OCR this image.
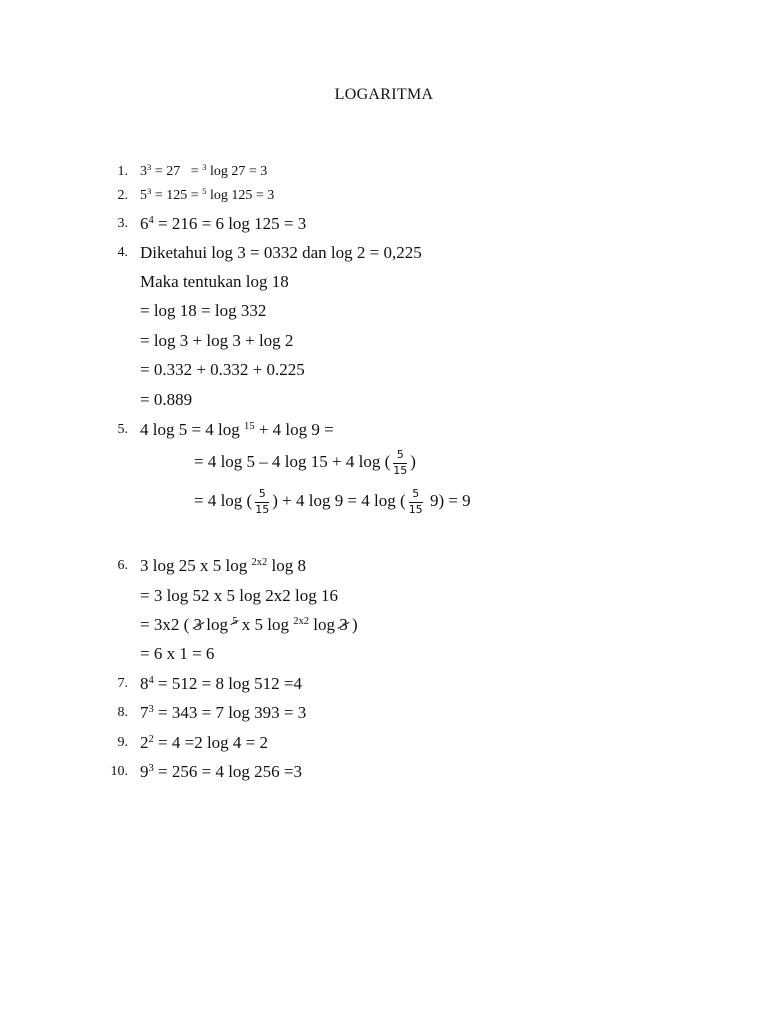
LOGARITMA
1. $3^3 = 27 = ^3$ log 27 = 3
2. $5^3 = 125 = ^5$ log 125 = 3
3. $6^4 = 216 = 6$ log 125 = 3
4. Diketahui log 3 = 0332 dan log 2 = 0,225
Maka tentukan log 18
= log 18 = log 332
= log 3 + log 3 + log 2
= 0.332 + 0.332 + 0.225
= 0.889
5. 4 log 5 = 4 log $^{15}$ + 4 log 9 =
= 4 log 5 – 4 log 15 + 4 log ( $\frac{5}{15}$ )
= 4 log ( $\frac{5}{15}$ ) + 4 log 9 = 4 log ( $\frac{5}{15} 9) = 9$
6. 3 log 25 x 5 log $^{2x2}$ log 8
= 3 log 52 x 5 log 2x2 log 16
= 3x2 ( 3 log $^5$ x 5 log $^{2x2}$ log 3 )
= 6 x 1 = 6
7. $8^4 = 512 = 8$ log 512 =4
8. $7^3 = 343 = 7$ log 393 = 3
9. $2^2 = 4 =2$ log 4 = 2
10. $9^3 = 256 = 4$ log 256 =3
